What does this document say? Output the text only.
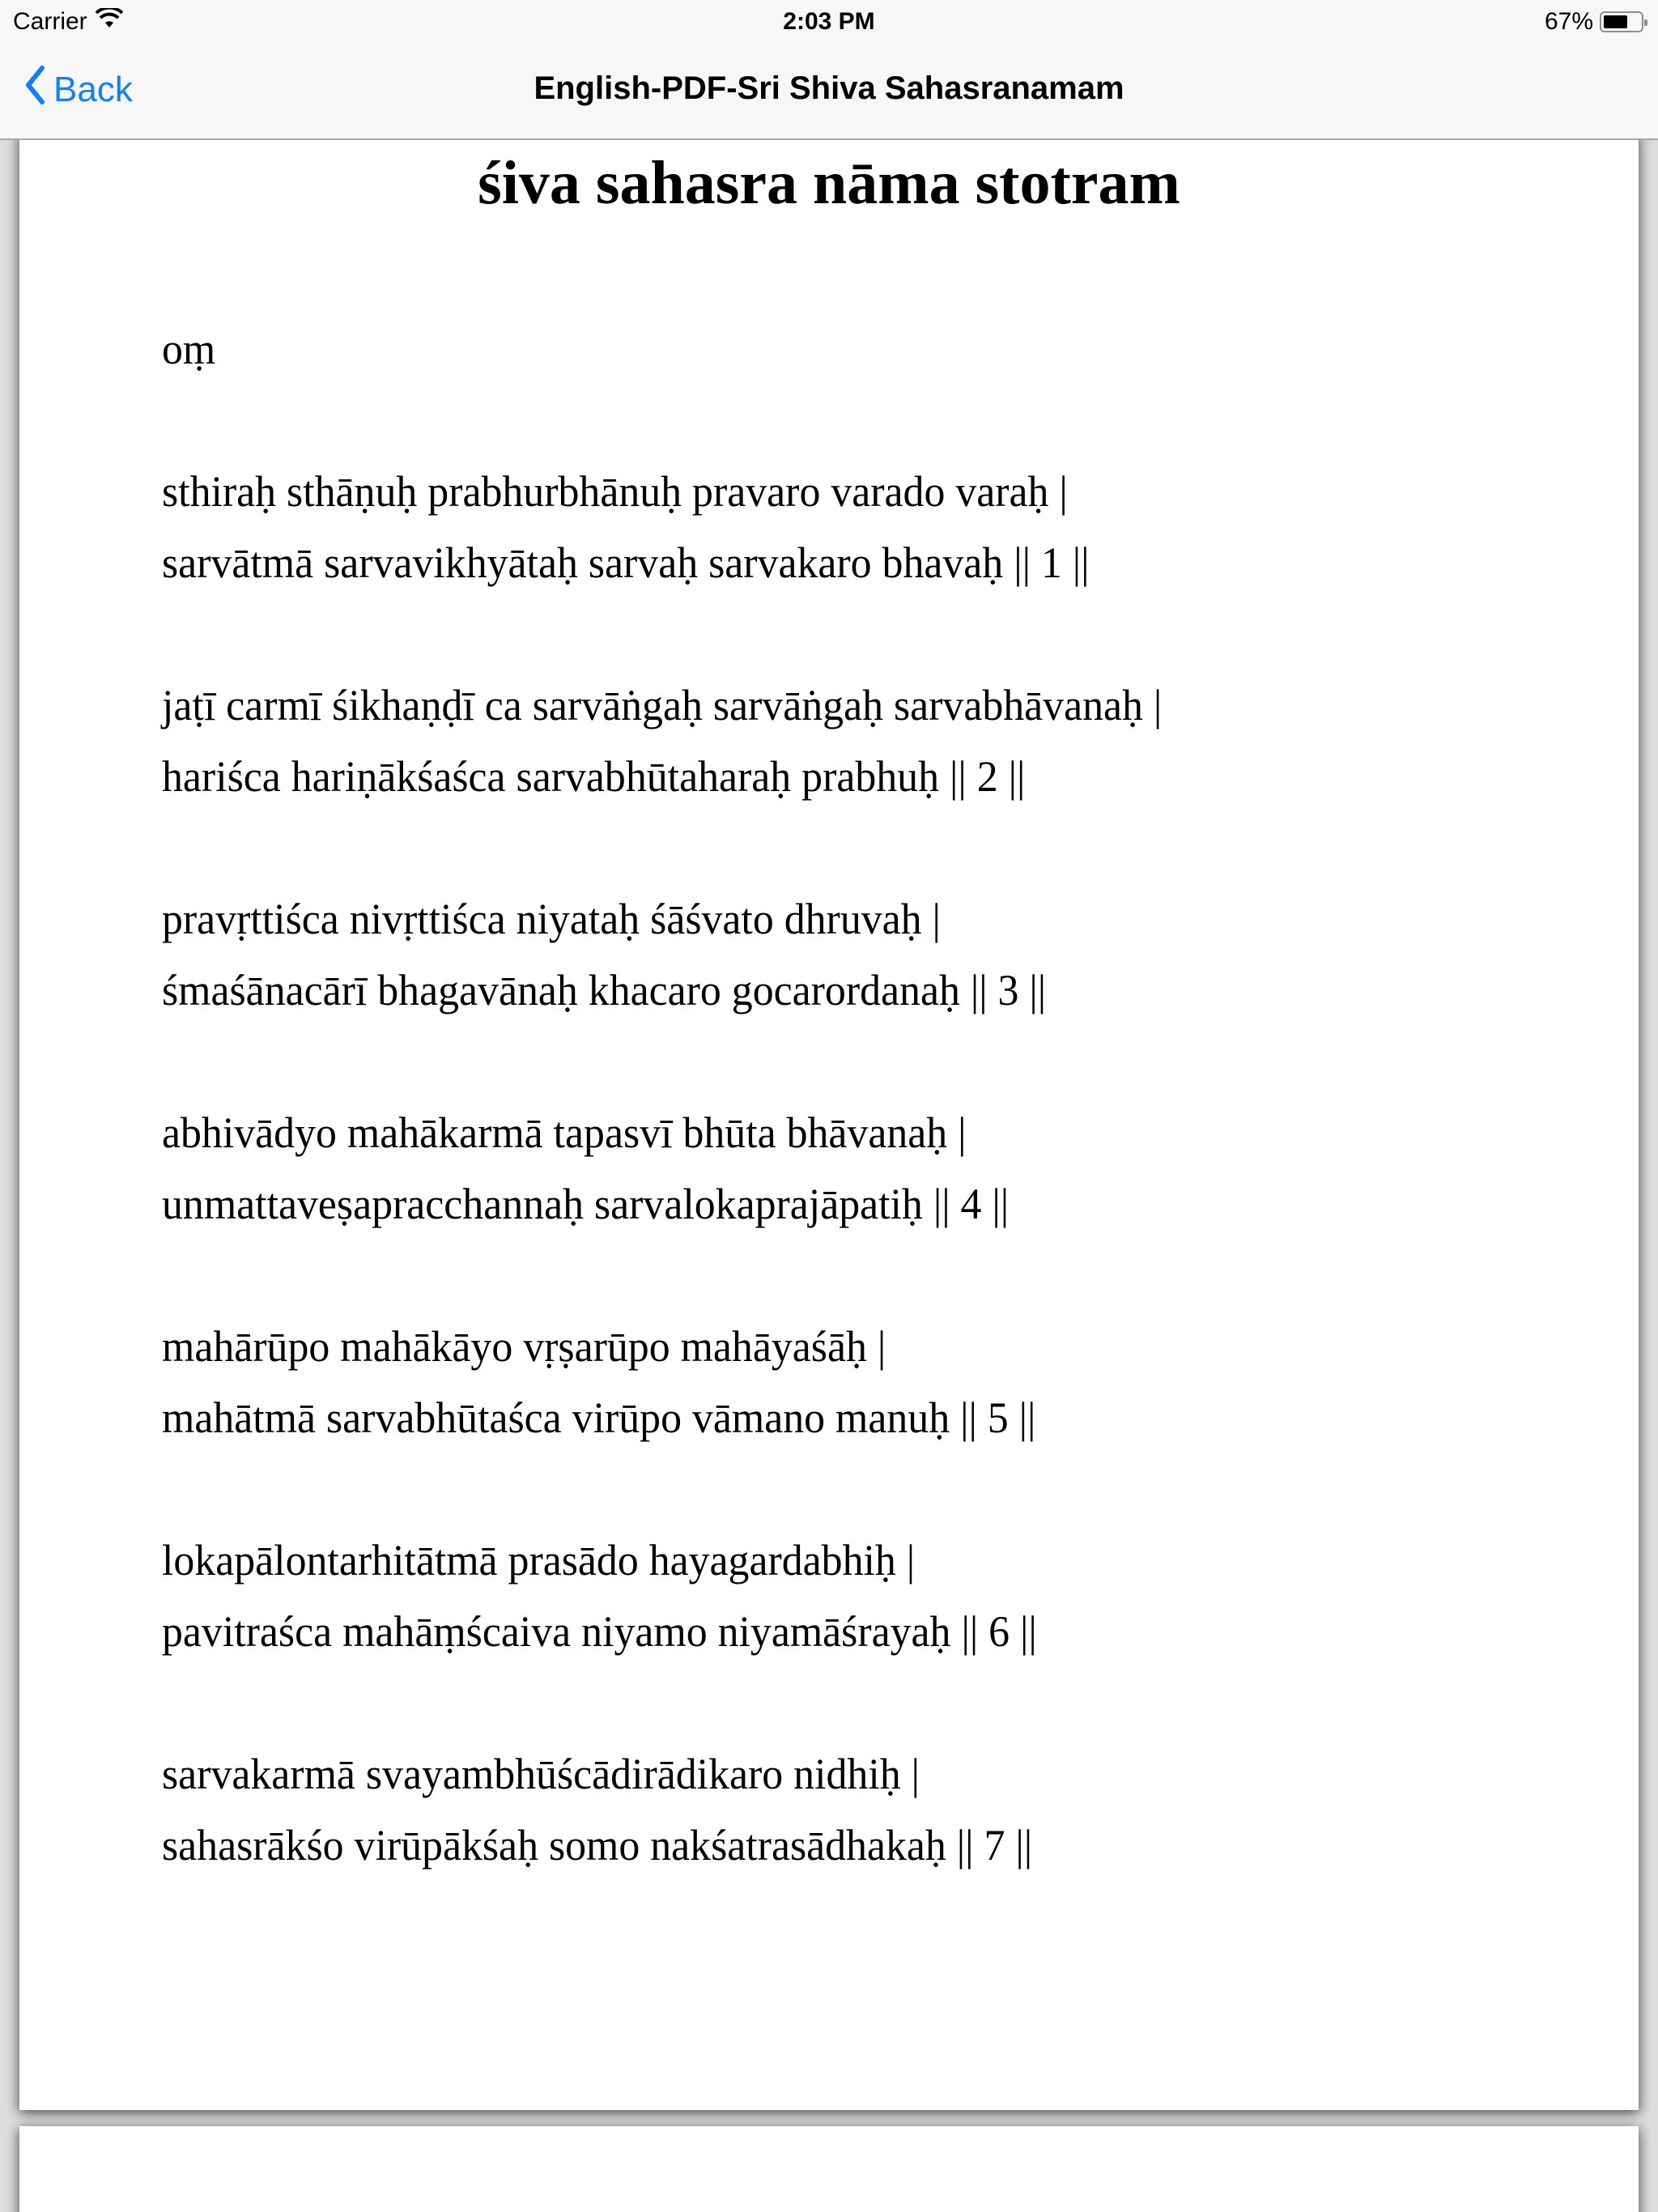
Carrier	2:03 PM	67%
Back	English-PDF-Sri Shiva Sahasranamam
śiva sahasra nāma stotram
oṃ
sthiraḥ sthāṇuḥ prabhurbhānuḥ pravaro varado varaḥ |
sarvātmā sarvavikhyātaḥ sarvaḥ sarvakaro bhavaḥ || 1 ||
jaṭī carmī śikhaṇḍī ca sarvāṅgaḥ sarvāṅgaḥ sarvabhāvanaḥ |
hariśca hariṇākśaśca sarvabhūtaharaḥ prabhuḥ || 2 ||
pravṛttiśca nivṛttiśca niyataḥ śāśvato dhruvaḥ |
śmaśānacārī bhagavānaḥ khacaro gocarordanaḥ || 3 ||
abhivādyo mahākarmā tapasvī bhūta bhāvanaḥ |
unmattaveṣapracchannaḥ sarvalokaprajāpatiḥ || 4 ||
mahārūpo mahākāyo vṛṣarūpo mahāyaśāḥ |
mahātmā sarvabhūtaśca virūpo vāmano manuḥ || 5 ||
lokapālontarhitātmā prasādo hayagardabhiḥ |
pavitraśca mahāṃścaiva niyamo niyamāśrayaḥ || 6 ||
sarvakarmā svayambhūścādirādikaro nidhiḥ |
sahasrākśo virūpākśaḥ somo nakśatrasādhakaḥ || 7 ||
